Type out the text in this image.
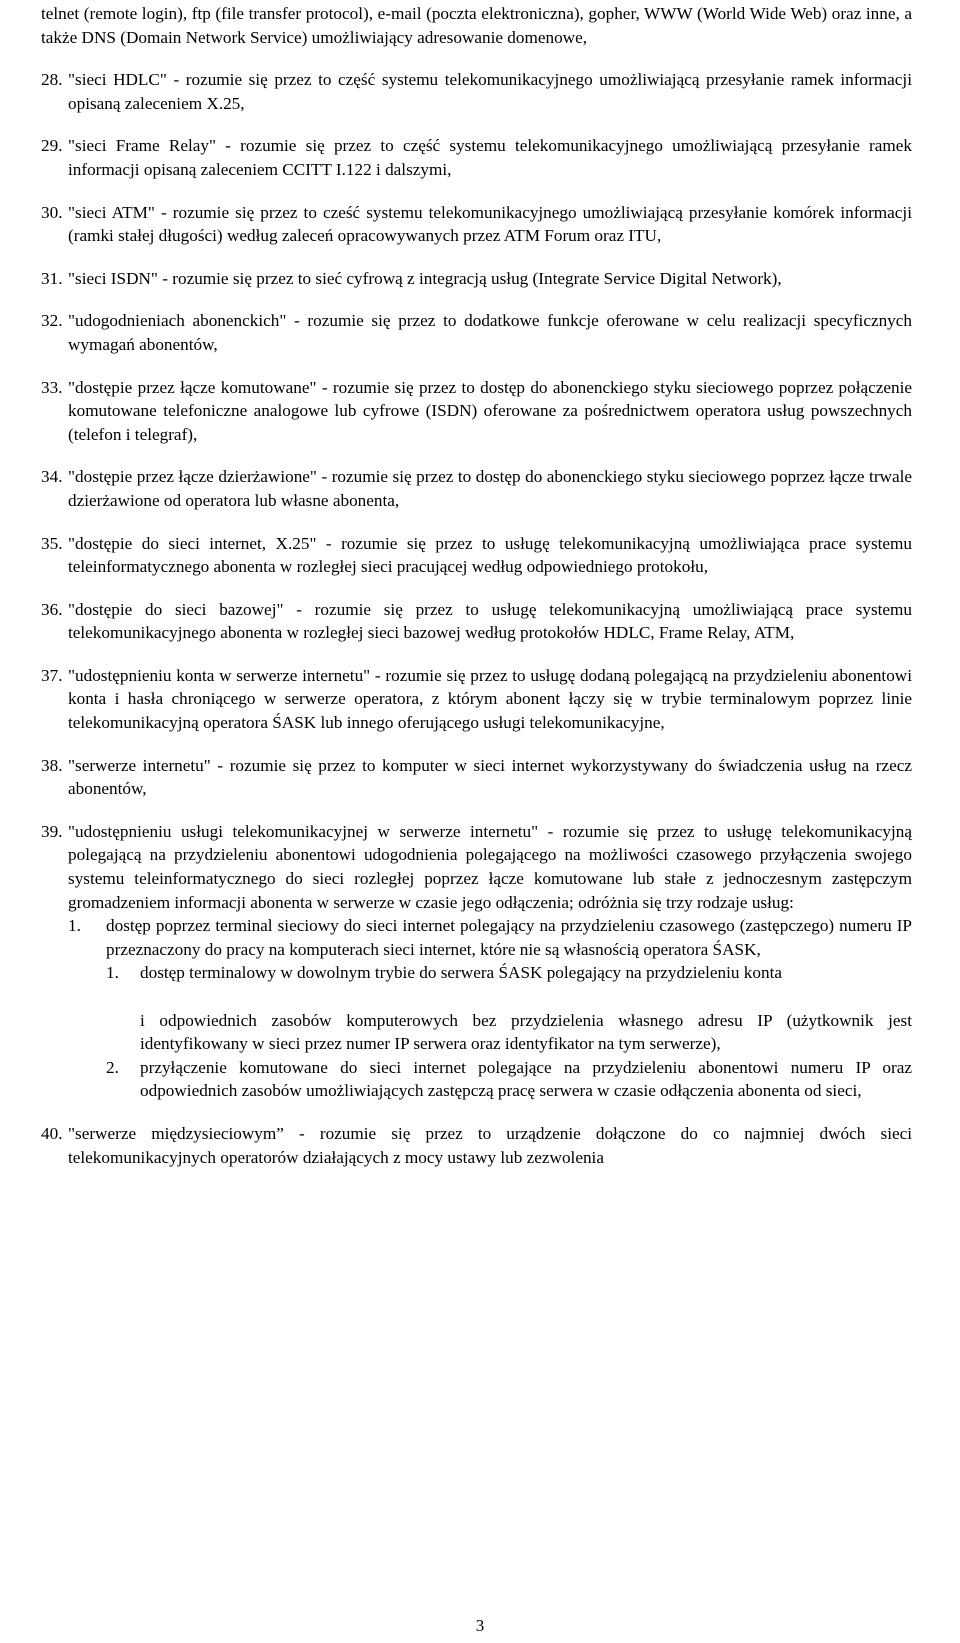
telnet (remote login), ftp (file transfer protocol), e-mail (poczta elektroniczna), gopher, WWW (World Wide Web) oraz inne, a także DNS (Domain Network Service) umożliwiający adresowanie domenowe,

28. "sieci HDLC" - rozumie się przez to część systemu telekomunikacyjnego umożliwiającą przesyłanie ramek informacji opisaną zaleceniem X.25,
29. "sieci Frame Relay" - rozumie się przez to część systemu telekomunikacyjnego umożliwiającą przesyłanie ramek informacji opisaną zaleceniem CCITT I.122 i dalszymi,
30. "sieci ATM" - rozumie się przez to cześć systemu telekomunikacyjnego umożliwiającą przesyłanie komórek informacji (ramki stałej długości) według zaleceń opracowywanych przez ATM Forum oraz ITU,
31. "sieci ISDN" - rozumie się przez to sieć cyfrową z integracją usług (Integrate Service Digital Network),
32. "udogodnieniach abonenckich" - rozumie się przez to dodatkowe funkcje oferowane w celu realizacji specyficznych wymagań abonentów,
33. "dostępie przez łącze komutowane" - rozumie się przez to dostęp do abonenckiego styku sieciowego poprzez połączenie komutowane telefoniczne analogowe lub cyfrowe (ISDN) oferowane za pośrednictwem operatora usług powszechnych (telefon i telegraf),
34. "dostępie przez łącze dzierżawione" - rozumie się przez to dostęp do abonenckiego styku sieciowego poprzez łącze trwale dzierżawione od operatora lub własne abonenta,
35. "dostępie do sieci internet, X.25" - rozumie się przez to usługę telekomunikacyjną umożliwiająca prace systemu teleinformatycznego abonenta w rozległej sieci pracującej według odpowiedniego protokołu,
36. "dostępie do sieci bazowej" - rozumie się przez to usługę telekomunikacyjną umożliwiającą prace systemu telekomunikacyjnego abonenta w rozległej sieci bazowej według protokołów HDLC, Frame Relay, ATM,
37. "udostępnieniu konta w serwerze internetu" - rozumie się przez to usługę dodaną polegającą na przydzieleniu abonentowi konta i hasła chroniącego w serwerze operatora, z którym abonent łączy się w trybie terminalowym poprzez linie telekomunikacyjną operatora ŚASK lub innego oferującego usługi telekomunikacyjne,
38. "serwerze internetu" - rozumie się przez to komputer w sieci internet wykorzystywany do świadczenia usług na rzecz abonentów,
39. "udostępnieniu usługi telekomunikacyjnej w serwerze internetu" - rozumie się przez to usługę telekomunikacyjną polegającą na przydzieleniu abonentowi udogodnienia polegającego na możliwości czasowego przyłączenia swojego systemu teleinformatycznego do sieci rozległej poprzez łącze komutowane lub stałe z jednoczesnym zastępczym gromadzeniem informacji abonenta w serwerze w czasie jego odłączenia; odróżnia się trzy rodzaje usług:
1.	dostęp poprzez terminal sieciowy do sieci internet polegający na przydzieleniu czasowego (zastępczego) numeru IP przeznaczony do pracy na komputerach sieci internet, które nie są własnością operatora ŚASK,
1.	dostęp terminalowy w dowolnym trybie do serwera ŚASK polegający na przydzieleniu konta
i odpowiednich zasobów komputerowych bez przydzielenia własnego adresu IP (użytkownik jest identyfikowany w sieci przez numer IP serwera oraz identyfikator na tym serwerze),
2.	przyłączenie komutowane do sieci internet polegające na przydzieleniu abonentowi numeru IP oraz odpowiednich zasobów umożliwiających zastępczą pracę serwera w czasie odłączenia abonenta od sieci,
40. "serwerze międzysieciowym” - rozumie się przez to urządzenie dołączone do co najmniej dwóch sieci telekomunikacyjnych operatorów działających z mocy ustawy lub zezwolenia
3
